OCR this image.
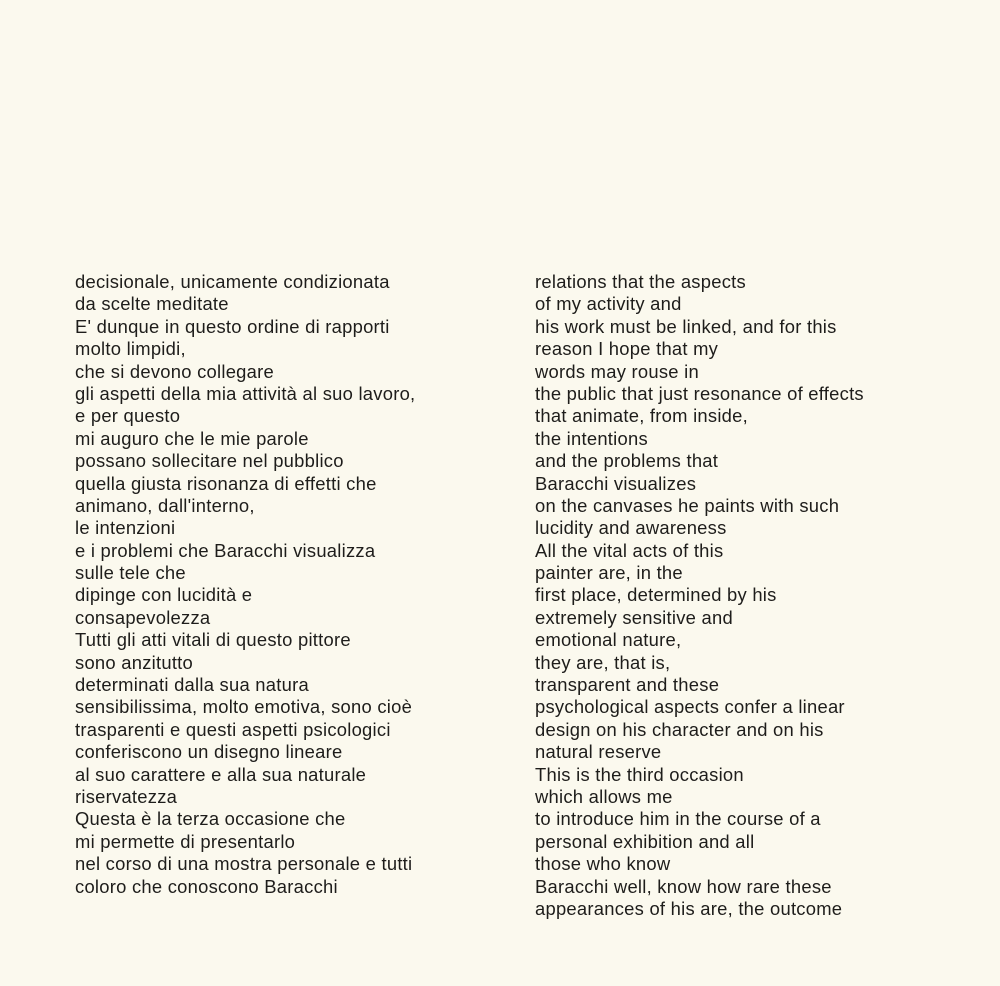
decisionale, unicamente condizionata
da scelte meditate
E' dunque in questo ordine di rapporti
molto limpidi,
che si devono collegare
gli aspetti della mia attività al suo lavoro,
e per questo
mi auguro che le mie parole
possano sollecitare nel pubblico
quella giusta risonanza di effetti che
animano, dall'interno,
le intenzioni
e i problemi che Baracchi visualizza
sulle tele che
dipinge con lucidità e
consapevolezza
Tutti gli atti vitali di questo pittore
sono anzitutto
determinati dalla sua natura
sensibilissima, molto emotiva, sono cioè
trasparenti e questi aspetti psicologici
conferiscono un disegno lineare
al suo carattere e alla sua naturale
riservatezza
Questa è la terza occasione che
mi permette di presentarlo
nel corso di una mostra personale e tutti
coloro che conoscono Baracchi
relations that the aspects
of my activity and
his work must be linked, and for this
reason I hope that my
words may rouse in
the public that just resonance of effects
that animate, from inside,
the intentions
and the problems that
Baracchi visualizes
on the canvases he paints with such
lucidity and awareness
All the vital acts of this
painter are, in the
first place, determined by his
extremely sensitive and
emotional nature,
they are, that is,
transparent and these
psychological aspects confer a linear
design on his character and on his
natural reserve
This is the third occasion
which allows me
to introduce him in the course of a
personal exhibition and all
those who know
Baracchi well, know how rare these
appearances of his are, the outcome
